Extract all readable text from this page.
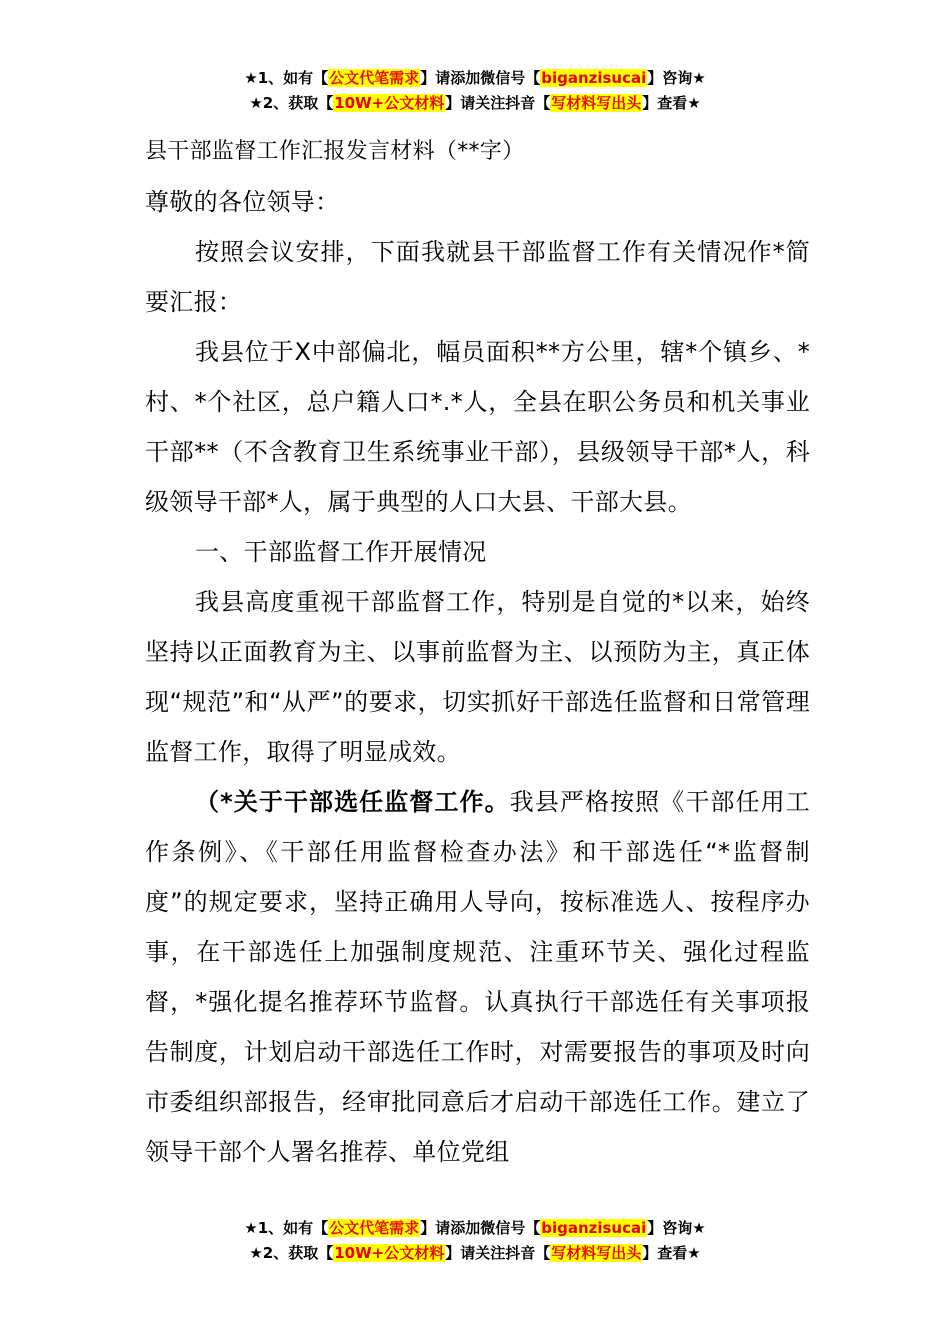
★1、如有【公文代笔需求】请添加微信号【biganzisucai】咨询★
★2、获取【10W+公文材料】请关注抖音【写材料写出头】查看★

县干部监督工作汇报发言材料（**字）

尊敬的各位领导：

按照会议安排，下面我就县干部监督工作有关情况作*简要汇报：

我县位于X中部偏北，幅员面积**方公里，辖*个镇乡、*村、*个社区，总户籍人口*.*人，全县在职公务员和机关事业干部**（不含教育卫生系统事业干部），县级领导干部*人，科级领导干部*人，属于典型的人口大县、干部大县。

一、干部监督工作开展情况

我县高度重视干部监督工作，特别是自觉的*以来，始终坚持以正面教育为主、以事前监督为主、以预防为主，真正体现“规范”和“从严”的要求，切实抓好干部选任监督和日常管理监督工作，取得了明显成效。

（*关于干部选任监督工作。我县严格按照《干部任用工作条例》、《干部任用监督检查办法》和干部选任“*监督制度”的规定要求，坚持正确用人导向，按标准选人、按程序办事，在干部选任上加强制度规范、注重环节关、强化过程监督，*强化提名推荐环节监督。认真执行干部选任有关事项报告制度，计划启动干部选任工作时，对需要报告的事项及时向市委组织部报告，经审批同意后才启动干部选任工作。建立了领导干部个人署名推荐、单位党组

★1、如有【公文代笔需求】请添加微信号【biganzisucai】咨询★
★2、获取【10W+公文材料】请关注抖音【写材料写出头】查看★
